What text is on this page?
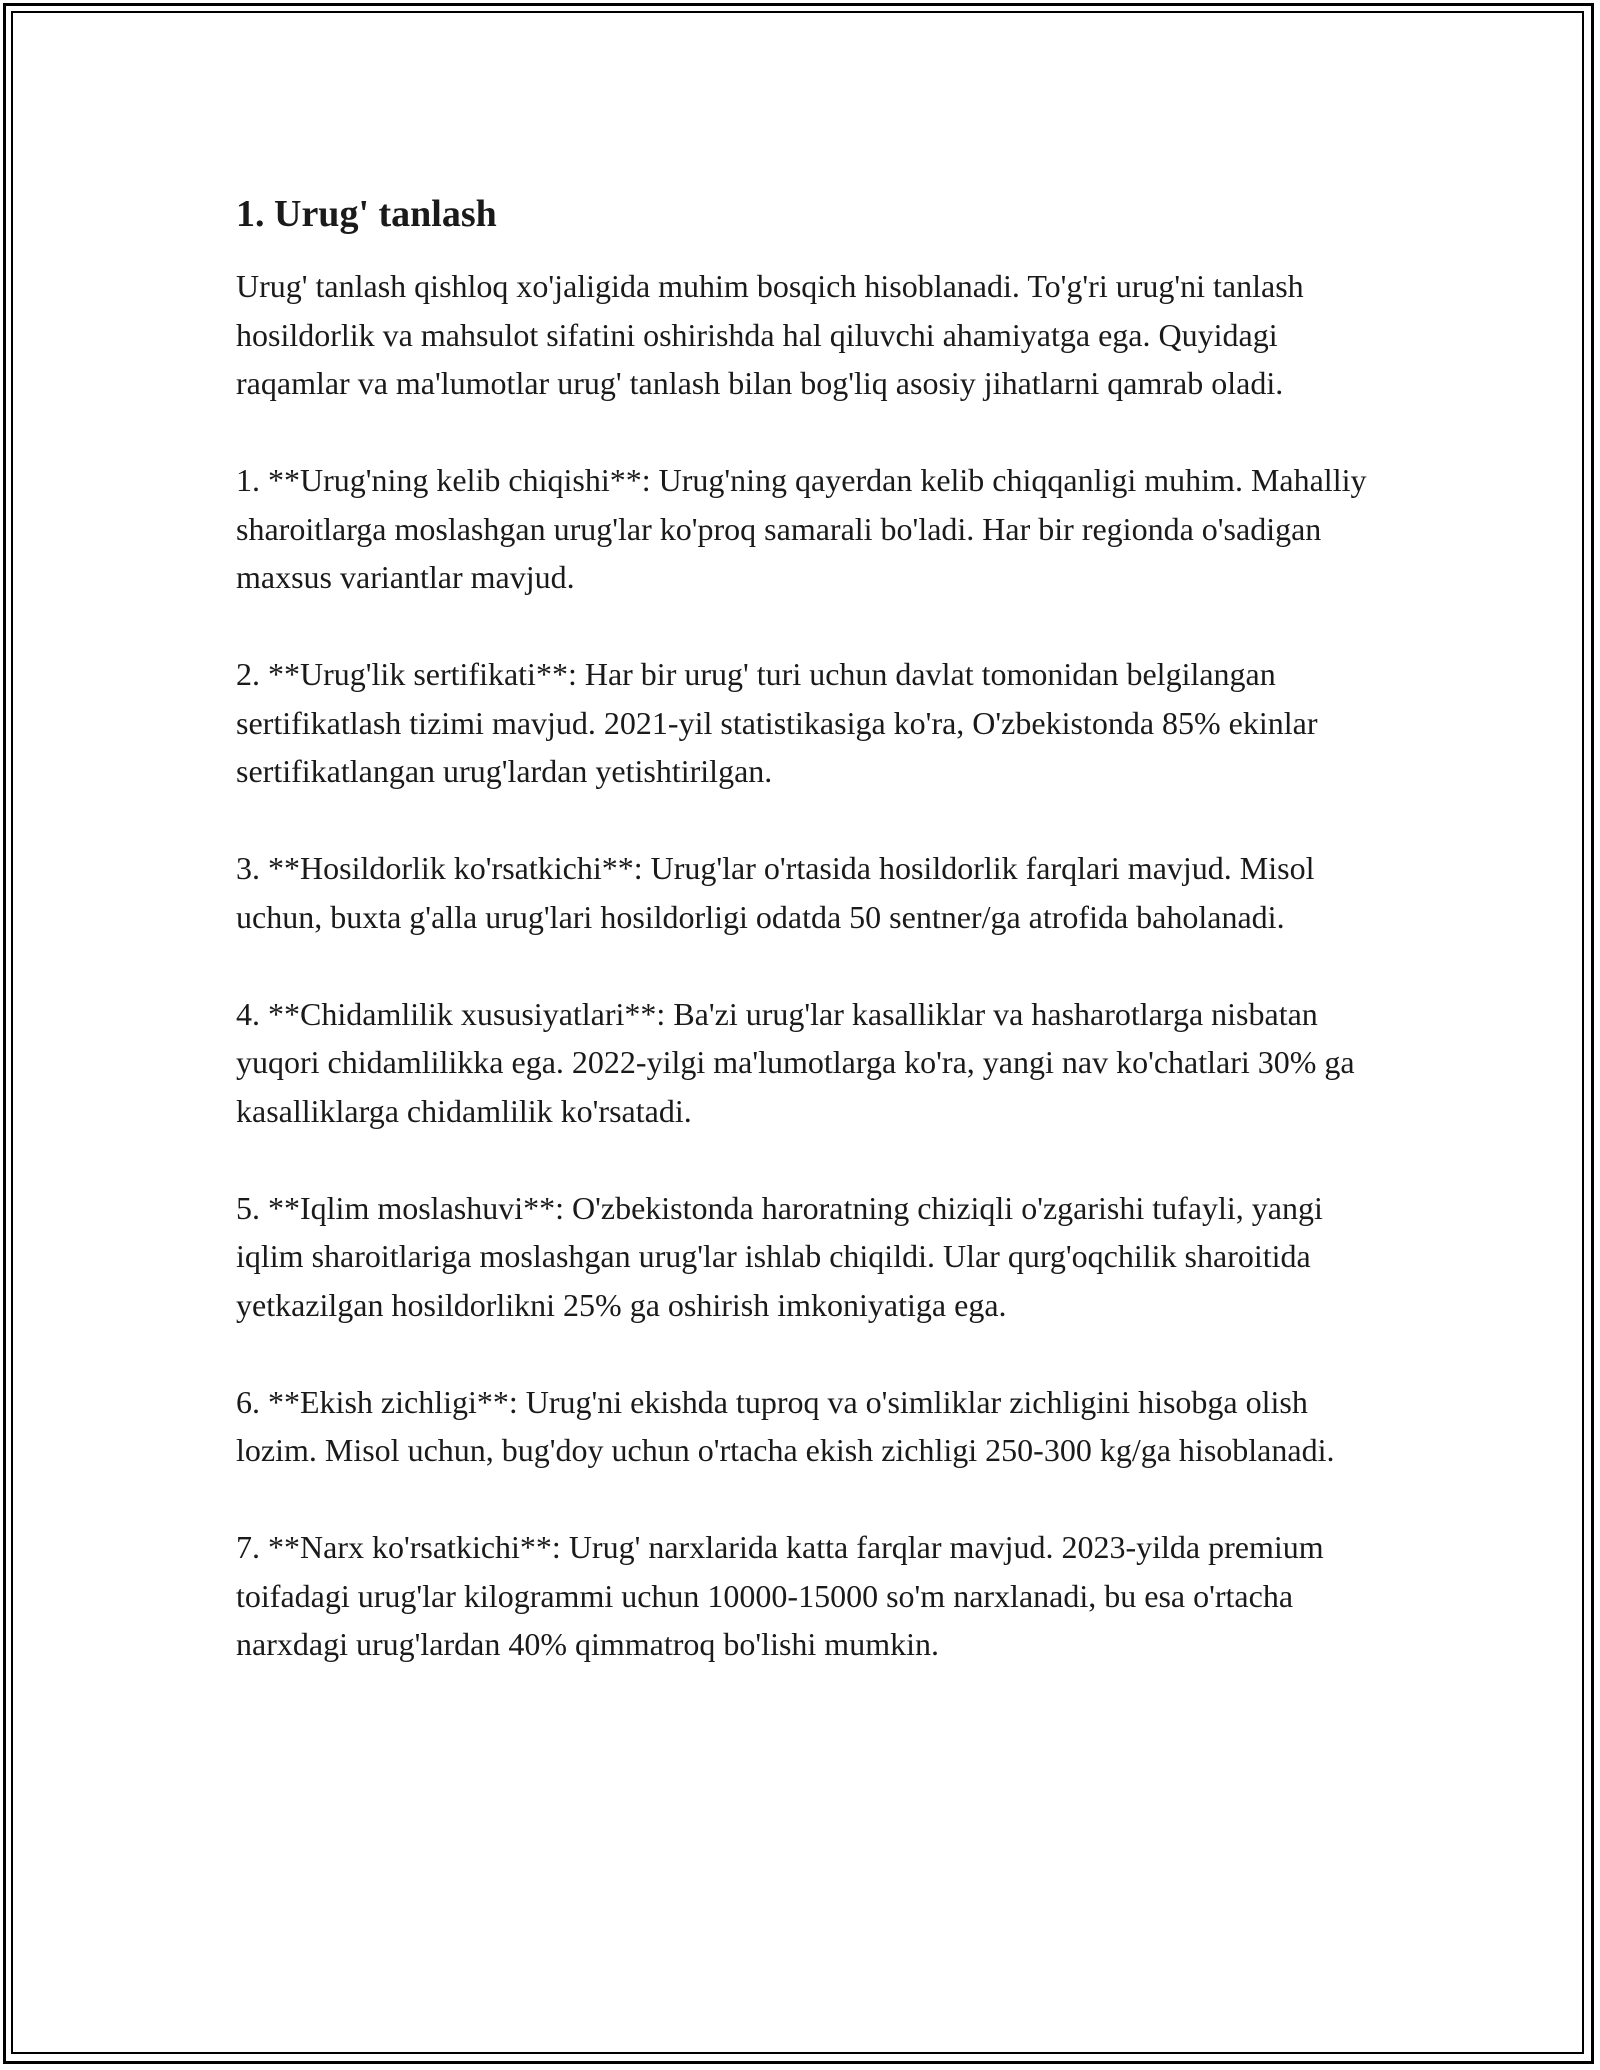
1. Urug' tanlash

Urug' tanlash qishloq xo'jaligida muhim bosqich hisoblanadi. To'g'ri urug'ni tanlash hosildorlik va mahsulot sifatini oshirishda hal qiluvchi ahamiyatga ega. Quyidagi raqamlar va ma'lumotlar urug' tanlash bilan bog'liq asosiy jihatlarni qamrab oladi.

1. **Urug'ning kelib chiqishi**: Urug'ning qayerdan kelib chiqqanligi muhim. Mahalliy sharoitlarga moslashgan urug'lar ko'proq samarali bo'ladi. Har bir regionda o'sadigan maxsus variantlar mavjud.

2. **Urug'lik sertifikati**: Har bir urug' turi uchun davlat tomonidan belgilangan sertifikatlash tizimi mavjud. 2021-yil statistikasiga ko'ra, O'zbekistonda 85% ekinlar sertifikatlangan urug'lardan yetishtirilgan.

3. **Hosildorlik ko'rsatkichi**: Urug'lar o'rtasida hosildorlik farqlari mavjud. Misol uchun, buxta g'alla urug'lari hosildorligi odatda 50 sentner/ga atrofida baholanadi.

4. **Chidamlilik xususiyatlari**: Ba'zi urug'lar kasalliklar va hasharotlarga nisbatan yuqori chidamlilikka ega. 2022-yilgi ma'lumotlarga ko'ra, yangi nav ko'chatlari 30% ga kasalliklarga chidamlilik ko'rsatadi.

5. **Iqlim moslashuvi**: O'zbekistonda haroratning chiziqli o'zgarishi tufayli, yangi iqlim sharoitlariga moslashgan urug'lar ishlab chiqildi. Ular qurg'oqchilik sharoitida yetkazilgan hosildorlikni 25% ga oshirish imkoniyatiga ega.

6. **Ekish zichligi**: Urug'ni ekishda tuproq va o'simliklar zichligini hisobga olish lozim. Misol uchun, bug'doy uchun o'rtacha ekish zichligi 250-300 kg/ga hisoblanadi.

7. **Narx ko'rsatkichi**: Urug' narxlarida katta farqlar mavjud. 2023-yilda premium toifadagi urug'lar kilogrammi uchun 10000-15000 so'm narxlanadi, bu esa o'rtacha narxdagi urug'lardan 40% qimmatroq bo'lishi mumkin.
